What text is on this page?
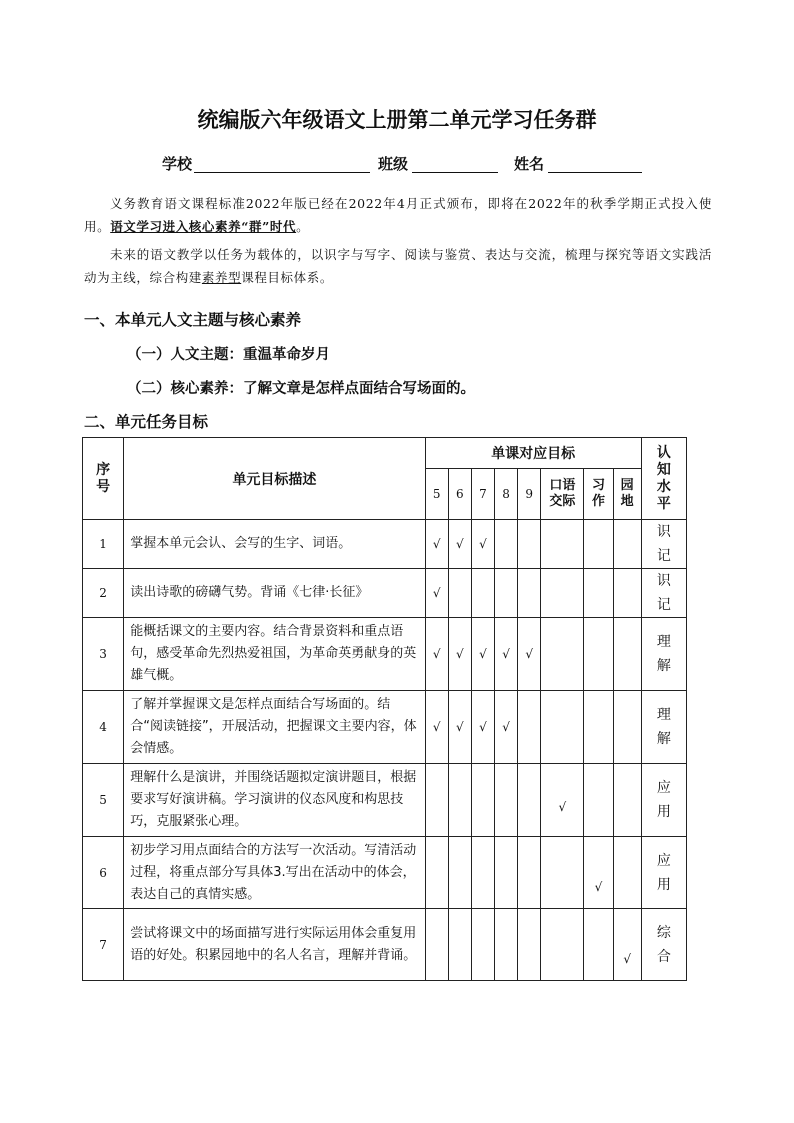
统编版六年级语文上册第二单元学习任务群
学校	班级	姓名
义务教育语文课程标准2022年版已经在2022年4月正式颁布，即将在2022年的秋季学期正式投入使用。语文学习进入核心素养“群”时代。
未来的语文教学以任务为载体的，以识字与写字、阅读与鉴赏、表达与交流，梳理与探究等语文实践活动为主线，综合构建素养型课程目标体系。
一、本单元人文主题与核心素养
（一）人文主题：重温革命岁月
（二）核心素养：了解文章是怎样点面结合写场面的。
二、单元任务目标
序号	单元目标描述	单课对应目标								认知水平

		5	6	7	8	9	口语交际	习作	园地	

1	掌握本单元会认、会写的生字、词语。	√	√	√						识记

2	读出诗歌的磅礴气势。背诵《七律·长征》	√								识记

3	能概括课文的主要内容。结合背景资料和重点语句，感受革命先烈热爱祖国，为革命英勇献身的英雄气概。	√	√	√	√	√				理解

4	了解并掌握课文是怎样点面结合写场面的。结合“阅读链接”，开展活动，把握课文主要内容，体会情感。	√	√	√	√					理解

5	理解什么是演讲，并围绕话题拟定演讲题目，根据要求写好演讲稿。学习演讲的仪态风度和构思技巧，克服紧张心理。						√			应用

6	初步学习用点面结合的方法写一次活动。写清活动过程，将重点部分写具体3.写出在活动中的体会，表达自己的真情实感。							√		应用

7	尝试将课文中的场面描写进行实际运用体会重复用语的好处。积累园地中的名人名言，理解并背诵。								√	综合
